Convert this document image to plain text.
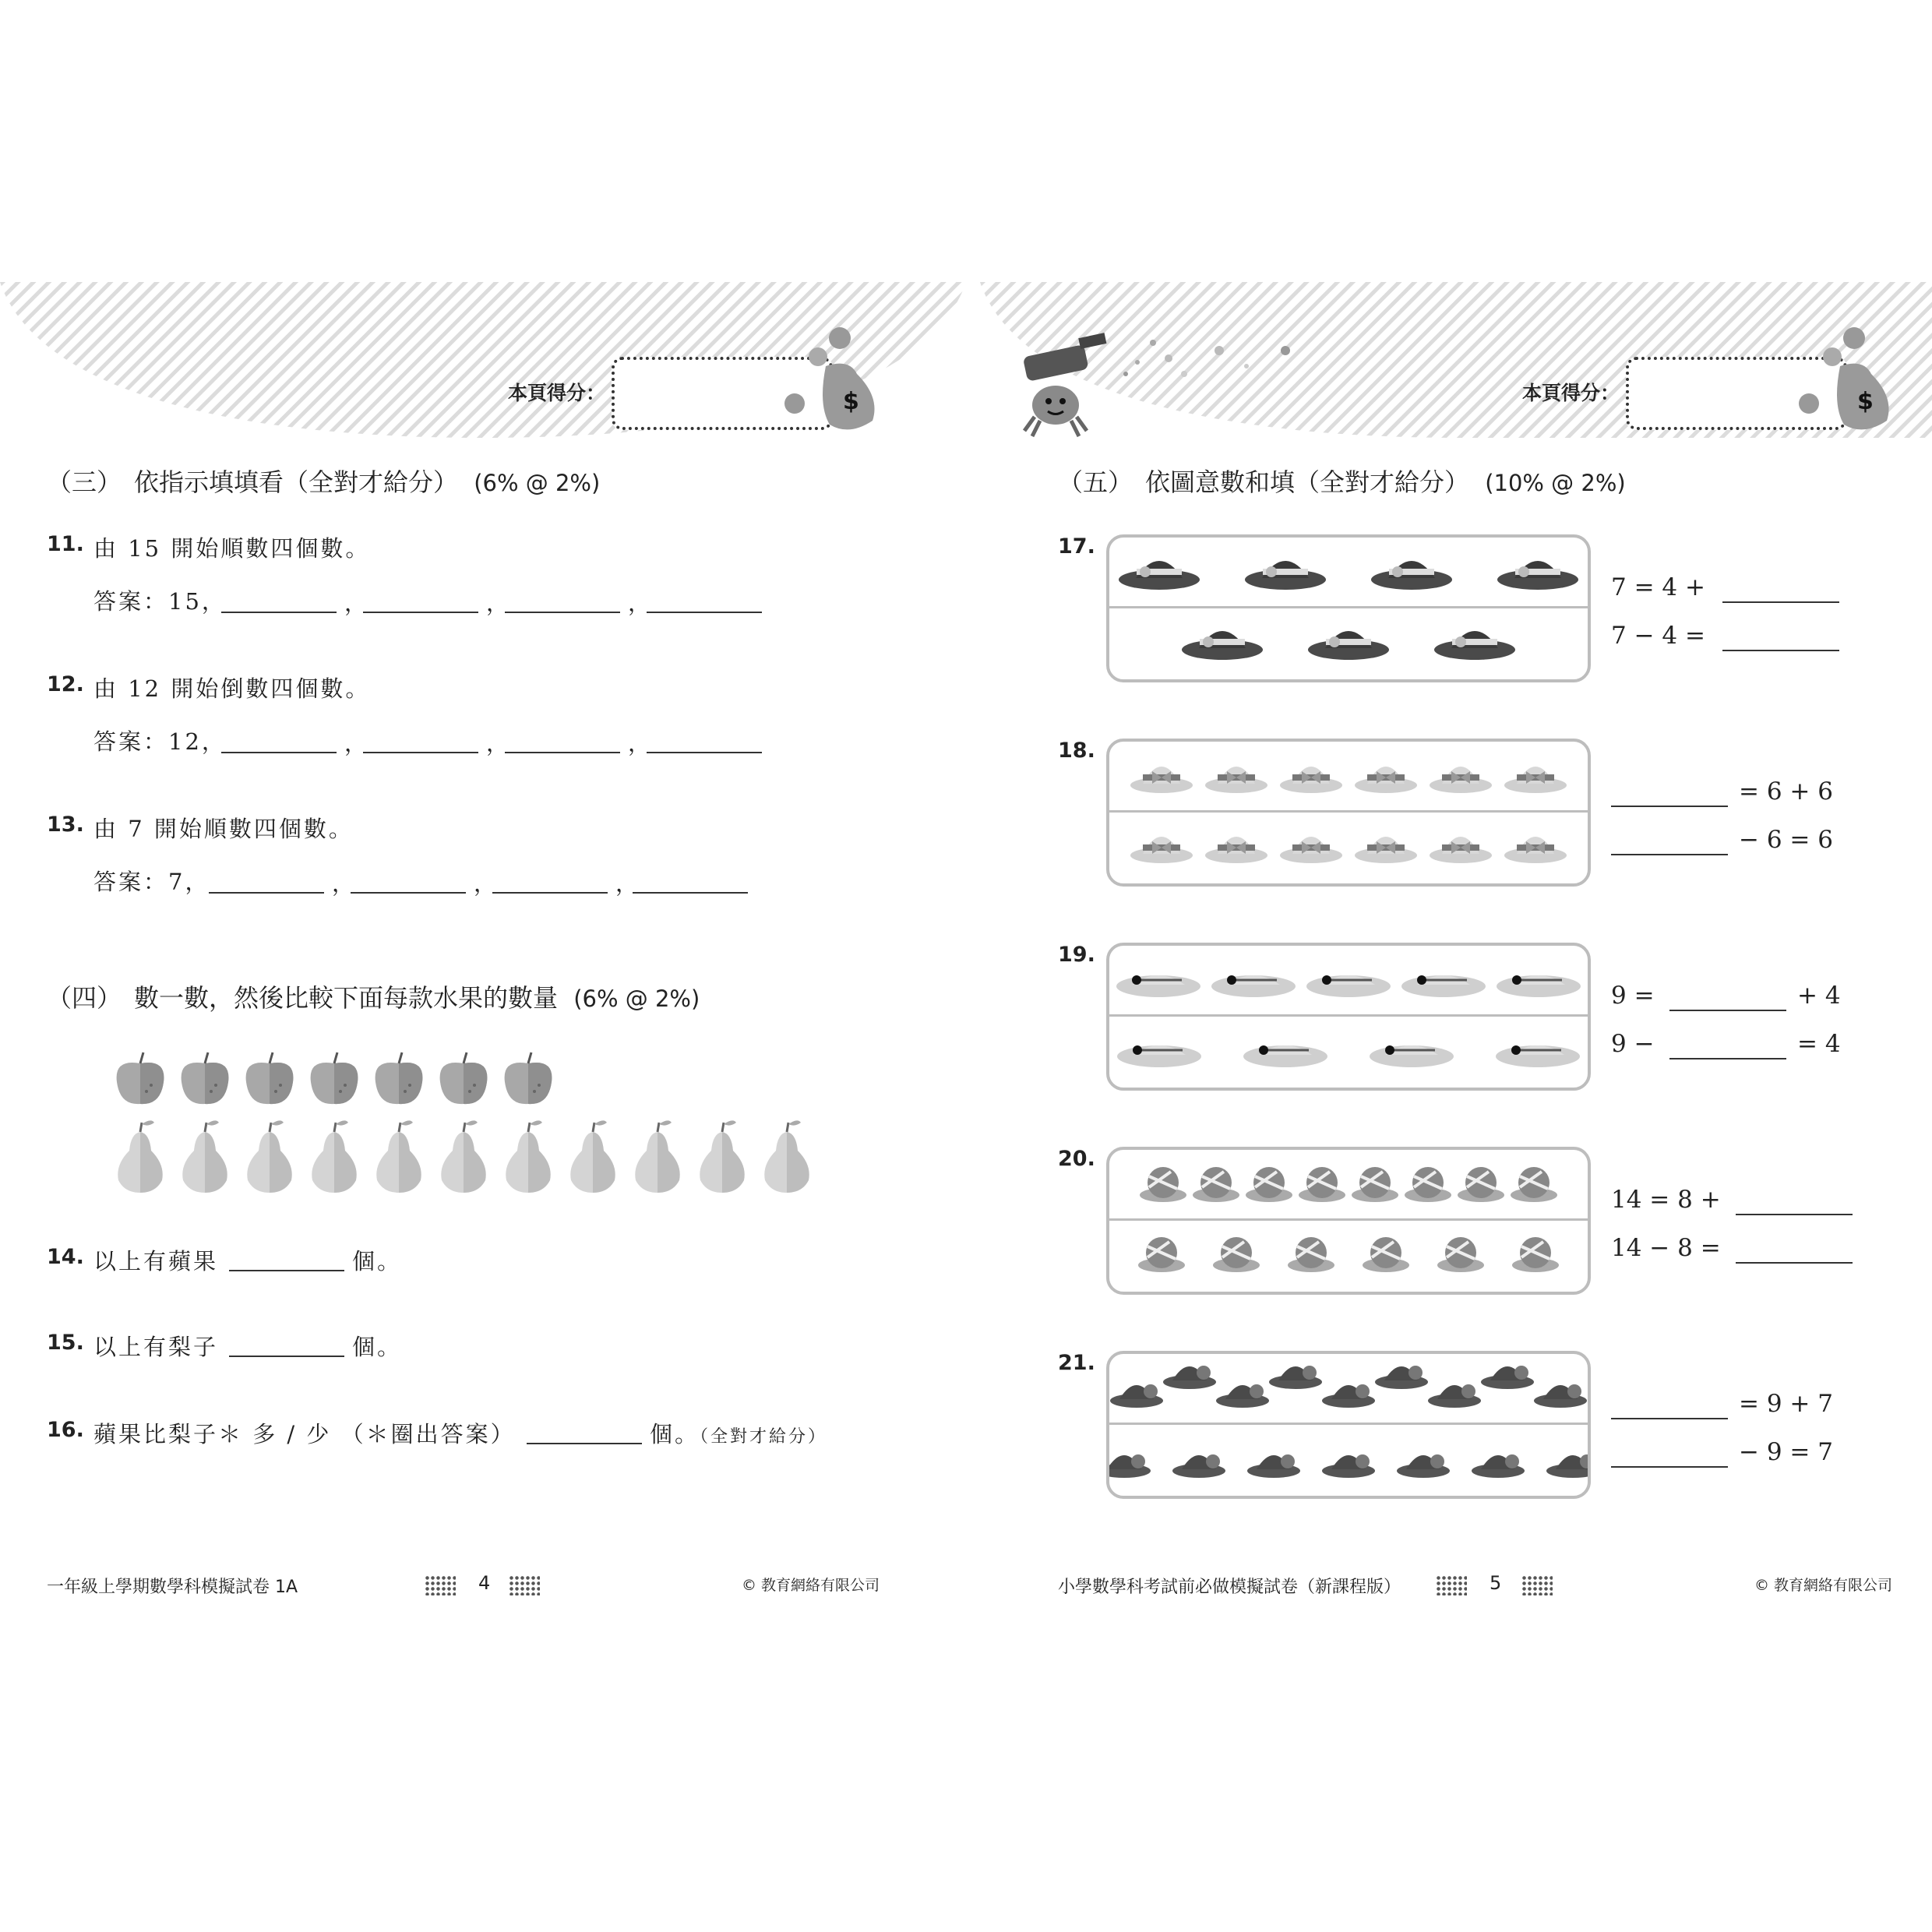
本頁得分：	$
（三）　依指示填填看（全對才給分） (6% @ 2%)
11. 由 15 開始順數四個數。
答案：15，	，	，	，
12. 由 12 開始倒數四個數。
答案：12，	，	，	，
13. 由 7 開始順數四個數。
答案：7，	，	，	，
（四）　數一數，然後比較下面每款水果的數量 (6% @ 2%)
14. 以上有蘋果	個。
15. 以上有梨子	個。
16. 蘋果比梨子＊ 多 / 少 （＊圈出答案）	個。（全對才給分）
一年級上學期數學科模擬試卷 1A	4	© 教育網絡有限公司
本頁得分：	$
（五）　依圖意數和填（全對才給分） (10% @ 2%)
17.
7 = 4 +
7 − 4 =
18.
= 6 + 6
− 6 = 6
19.
9 =	+ 4
9 −	= 4
20.
14 = 8 +
14 − 8 =
21.
= 9 + 7
− 9 = 7
小學數學科考試前必做模擬試卷（新課程版）	5	© 教育網絡有限公司
